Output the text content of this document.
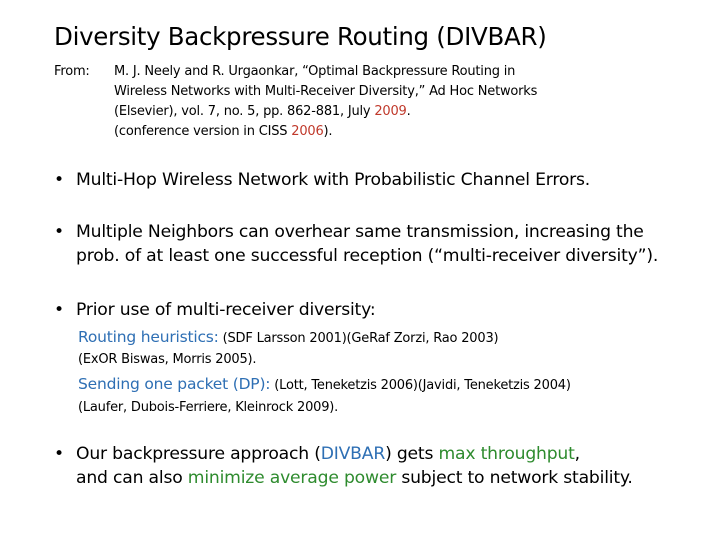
Diversity Backpressure Routing (DIVBAR)
From: M. J. Neely and R. Urgaonkar, “Optimal Backpressure Routing in
Wireless Networks with Multi-Receiver Diversity,” Ad Hoc Networks
(Elsevier), vol. 7, no. 5, pp. 862-881, July 2009.
(conference version in CISS 2006).
• Multi-Hop Wireless Network with Probabilistic Channel Errors.
• Multiple Neighbors can overhear same transmission, increasing the
prob. of at least one successful reception (“multi-receiver diversity”).
• Prior use of multi-receiver diversity:
Routing heuristics: (SDF Larsson 2001)(GeRaf Zorzi, Rao 2003)
(ExOR Biswas, Morris 2005).
Sending one packet (DP): (Lott, Teneketzis 2006)(Javidi, Teneketzis 2004)
(Laufer, Dubois-Ferriere, Kleinrock 2009).
• Our backpressure approach (DIVBAR) gets max throughput,
and can also minimize average power subject to network stability.
